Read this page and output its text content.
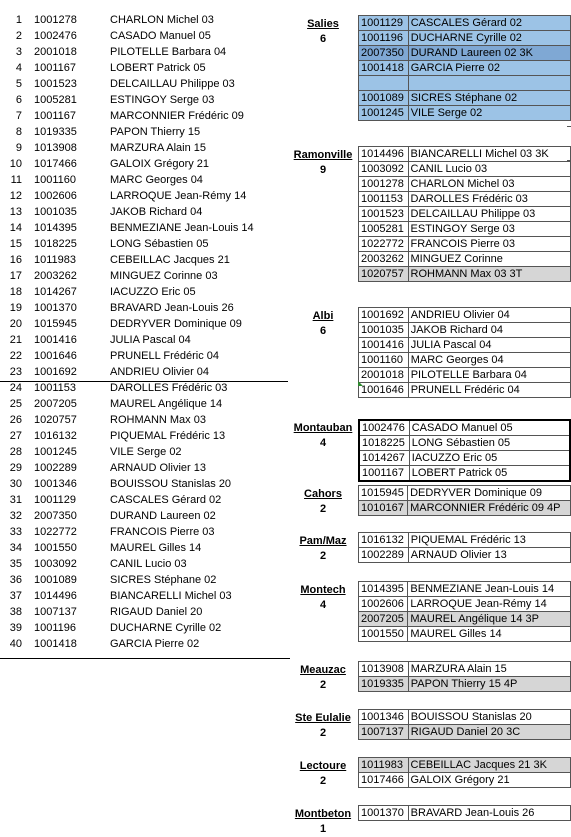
1 1001278	CHARLON Michel 03
2 1002476	CASADO Manuel 05
3 2001018	PILOTELLE Barbara 04
4 1001167	LOBERT Patrick 05
5 1001523	DELCAILLAU Philippe 03
6 1005281	ESTINGOY Serge 03
7 1001167	MARCONNIER Frédéric 09
8 1019335	PAPON Thierry 15
9 1013908	MARZURA Alain 15
10 1017466	GALOIX Grégory 21
11 1001160	MARC Georges 04
12 1002606	LARROQUE Jean-Rémy 14
13 1001035	JAKOB Richard 04
14 1014395	BENMEZIANE Jean-Louis 14
15 1018225	LONG Sébastien 05
16 1011983	CEBEILLAC Jacques 21
17 2003262	MINGUEZ Corinne 03
18 1014267	IACUZZO Eric 05
19 1001370	BRAVARD Jean-Louis 26
20 1015945	DEDRYVER Dominique 09
21 1001416	JULIA Pascal 04
22 1001646	PRUNELL Frédéric 04
23 1001692	ANDRIEU Olivier 04
24 1001153	DAROLLES Frédéric 03
25 2007205	MAUREL Angélique 14
26 1020757	ROHMANN Max 03
27 1016132	PIQUEMAL Frédéric 13
28 1001245	VILE Serge 02
29 1002289	ARNAUD Olivier 13
30 1001346	BOUISSOU Stanislas 20
31 1001129	CASCALES Gérard 02
32 2007350	DURAND Laureen 02
33 1022772	FRANCOIS Pierre 03
34 1001550	MAUREL Gilles 14
35 1003092	CANIL Lucio 03
36 1001089	SICRES Stéphane 02
37 1014496	BIANCARELLI Michel 03
38 1007137	RIGAUD Daniel 20
39 1001196	DUCHARNE Cyrille 02
40 1001418	GARCIA Pierre 02
Salies
6
1001129	CASCALES Gérard 02
1001196	DUCHARNE Cyrille 02
2007350	DURAND Laureen 02 3K
1001418	GARCIA Pierre 02

1001089	SICRES Stéphane 02
1001245	VILE Serge 02
Ramonville
9
1014496	BIANCARELLI Michel 03 3K
1003092	CANIL Lucio 03
1001278	CHARLON Michel 03
1001153	DAROLLES Frédéric 03
1001523	DELCAILLAU Philippe 03
1005281	ESTINGOY Serge 03
1022772	FRANCOIS Pierre 03
2003262	MINGUEZ Corinne
1020757	ROHMANN Max 03 3T
Albi
6
1001692	ANDRIEU Olivier 04
1001035	JAKOB Richard 04
1001416	JULIA Pascal 04
1001160	MARC Georges 04
2001018	PILOTELLE Barbara 04
1001646	PRUNELL Frédéric 04
Montauban
4
1002476	CASADO Manuel 05
1018225	LONG Sébastien 05
1014267	IACUZZO Eric 05
1001167	LOBERT Patrick 05
Cahors
2
1015945	DEDRYVER Dominique 09
1010167	MARCONNIER Frédéric 09 4P
Pam/Maz
2
1016132	PIQUEMAL Frédéric 13
1002289	ARNAUD Olivier 13
Montech
4
1014395	BENMEZIANE Jean-Louis 14
1002606	LARROQUE Jean-Rémy 14
2007205	MAUREL Angélique 14 3P
1001550	MAUREL Gilles 14
Meauzac
2
1013908	MARZURA Alain 15
1019335	PAPON Thierry 15 4P
Ste Eulalie
2
1001346	BOUISSOU Stanislas 20
1007137	RIGAUD Daniel 20 3C
Lectoure
2
1011983	CEBEILLAC Jacques 21 3K
1017466	GALOIX Grégory 21
Montbeton
1
1001370	BRAVARD Jean-Louis 26
